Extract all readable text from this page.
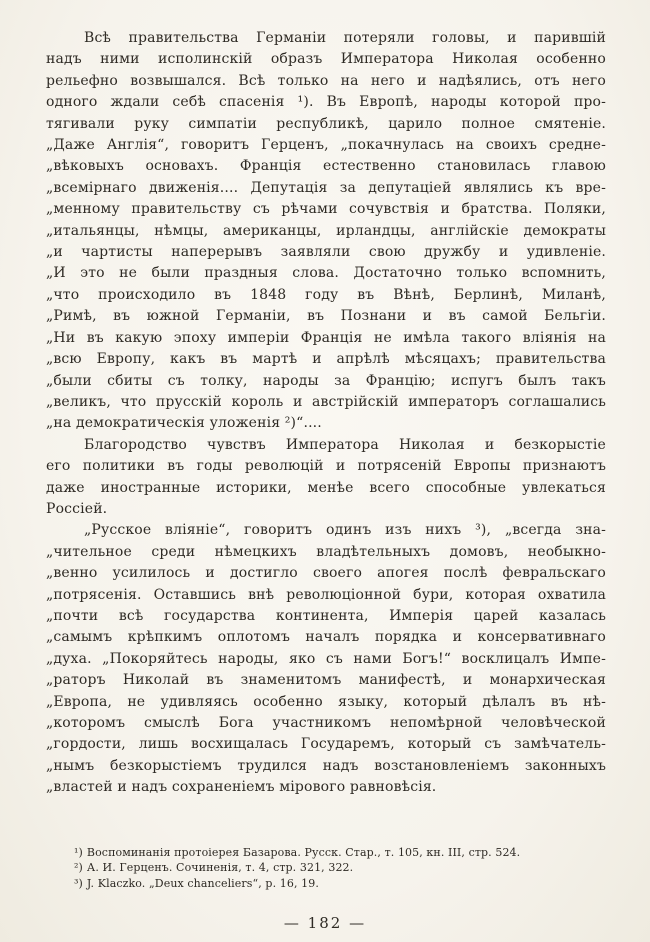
Всѣ правительства Германіи потеряли головы, и парившій
надъ ними исполинскій образъ Императора Николая особенно
рельефно возвышался. Всѣ только на него и надѣялись, отъ него
одного ждали себѣ спасенія ¹). Въ Европѣ, народы которой про-
тягивали руку симпатіи республикѣ, царило полное смятеніе.
„Даже Англія“, говоритъ Герценъ, „покачнулась на своихъ средне-
„вѣковыхъ основахъ. Франція естественно становилась главою
„всемірнаго движенія.... Депутація за депутаціей являлись къ вре-
„менному правительству съ рѣчами сочувствія и братства. Поляки,
„итальянцы, нѣмцы, американцы, ирландцы, англійскіе демократы
„и чартисты наперерывъ заявляли свою дружбу и удивленіе.
„И это не были праздныя слова. Достаточно только вспомнить,
„что происходило въ 1848 году въ Вѣнѣ, Берлинѣ, Миланѣ,
„Римѣ, въ южной Германіи, въ Познани и въ самой Бельгіи.
„Ни въ какую эпоху имперіи Франція не имѣла такого вліянія на
„всю Европу, какъ въ мартѣ и апрѣлѣ мѣсяцахъ; правительства
„были сбиты съ толку, народы за Францію; испугъ былъ такъ
„великъ, что прусскій король и австрійскій императоръ соглашались
„на демократическія уложенія ²)“....
Благородство чувствъ Императора Николая и безкорыстіе
его политики въ годы революцій и потрясеній Европы признаютъ
даже иностранные историки, менѣе всего способные увлекаться
Россіей.
„Русское вліяніе“, говоритъ одинъ изъ нихъ ³), „всегда зна-
„чительное среди нѣмецкихъ владѣтельныхъ домовъ, необыкно-
„венно усилилось и достигло своего апогея послѣ февральскаго
„потрясенія. Оставшись внѣ революціонной бури, которая охватила
„почти всѣ государства континента, Имперія царей казалась
„самымъ крѣпкимъ оплотомъ началъ порядка и консервативнаго
„духа. „Покоряйтесь народы, яко съ нами Богъ!“ восклицалъ Импе-
„раторъ Николай въ знаменитомъ манифестѣ, и монархическая
„Европа, не удивляясь особенно языку, который дѣлалъ въ нѣ-
„которомъ смыслѣ Бога участникомъ непомѣрной человѣческой
„гордости, лишь восхищалась Государемъ, который съ замѣчатель-
„нымъ безкорыстіемъ трудился надъ возстановленіемъ законныхъ
„властей и надъ сохраненіемъ мірового равновѣсія.
¹) Воспоминанія протоіерея Базарова. Русск. Стар., т. 105, кн. III, стр. 524.
²) А. И. Герценъ. Сочиненія, т. 4, стр. 321, 322.
³) J. Klaczko. „Deux chanceliers“, p. 16, 19.
— 182 —
